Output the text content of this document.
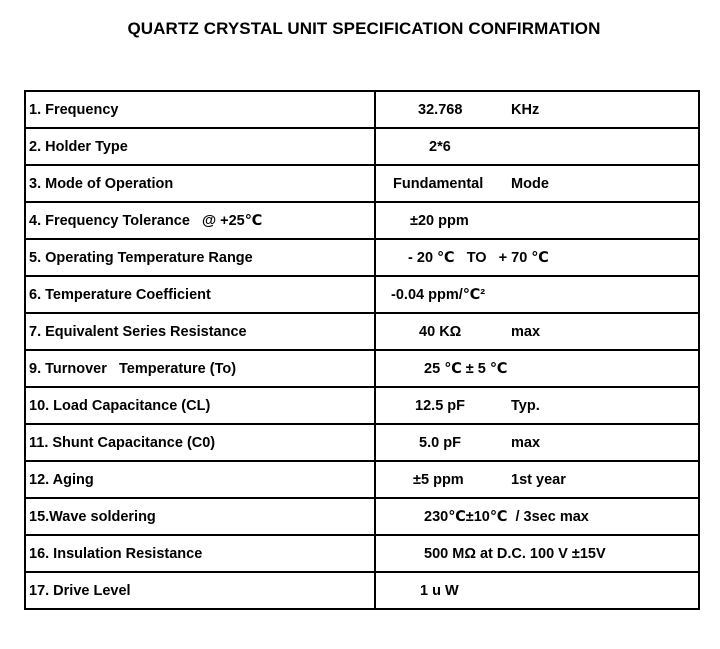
QUARTZ CRYSTAL UNIT SPECIFICATION CONFIRMATION
1. Frequency	32.768 KHz

2. Holder Type	2*6

3. Mode of Operation	Fundamental Mode

4. Frequency Tolerance   @ +25℃	±20 ppm

5. Operating Temperature Range	- 20 ℃   TO   + 70 ℃

6. Temperature Coefficient	-0.04 ppm/℃²

7. Equivalent Series Resistance	40 KΩ max

9. Turnover   Temperature (To)	25 ℃ ± 5 ℃

10. Load Capacitance (CL)	12.5 pF Typ.

11. Shunt Capacitance (C0)	5.0 pF max

12. Aging	±5 ppm 1st year

15.Wave soldering	230℃±10℃  / 3sec max

16. Insulation Resistance	500 MΩ at D.C. 100 V ±15V

17. Drive Level	1 u W
